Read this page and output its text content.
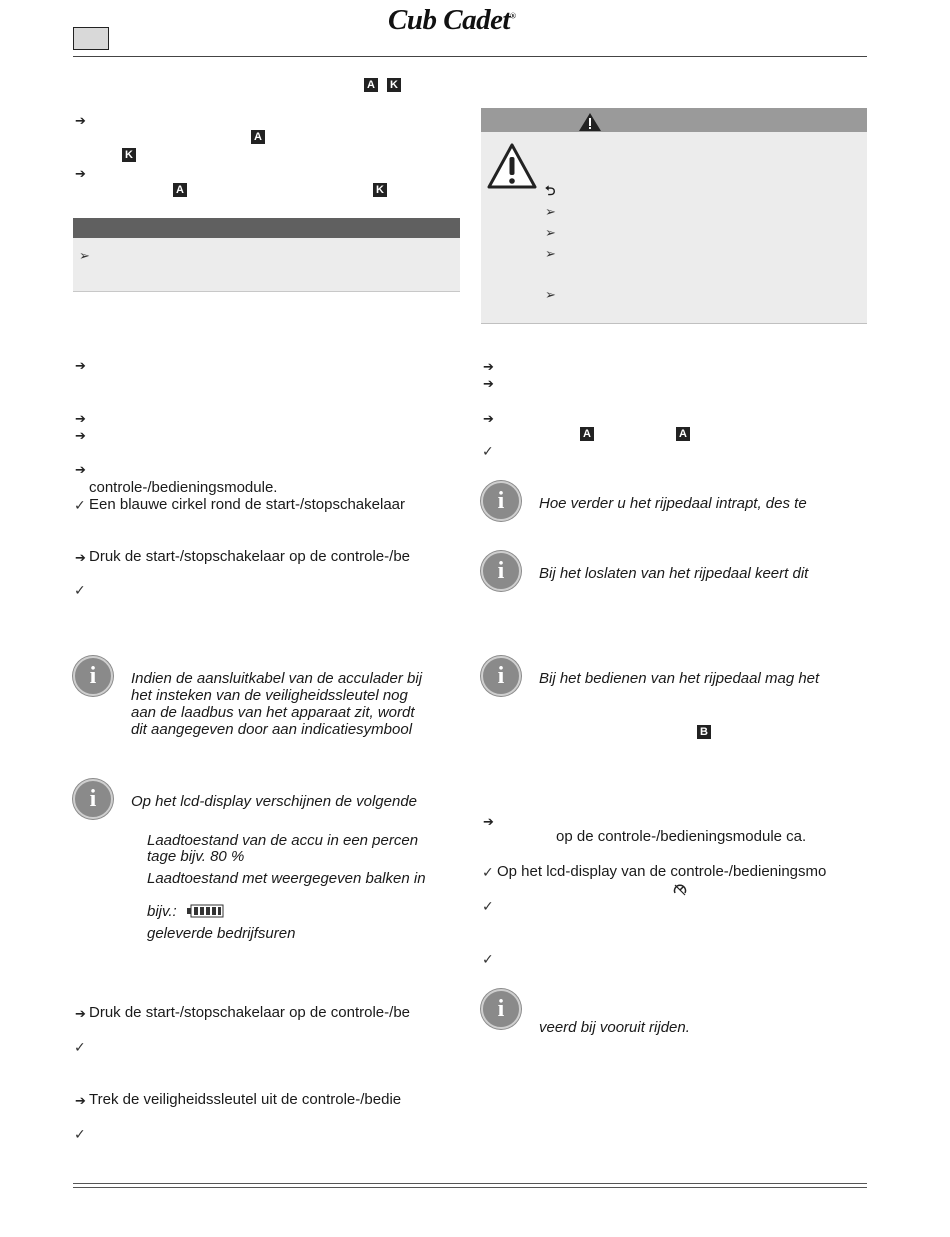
Cub Cadet®
A K
➔
A
K
➔
A	K
➢
➔
➔
➔
➔
controle-/bedieningsmodule.
✓ Een blauwe cirkel rond de start-/stopschakelaar
➔ Druk de start-/stopschakelaar op de controle-/be
✓
i	Indien de aansluitkabel van de acculader bij
het insteken van de veiligheidssleutel nog
aan de laadbus van het apparaat zit, wordt
dit aangegeven door aan indicatiesymbool
i	Op het lcd-display verschijnen de volgende
Laadtoestand van de accu in een percen
tage bijv. 80 %
Laadtoestand met weergegeven balken in
bijv.:
geleverde bedrijfsuren
➔ Druk de start-/stopschakelaar op de controle-/be
✓
➔ Trek de veiligheidssleutel uit de controle-/bedie
✓
⮌
➢
➢
➢
➢
➔
➔
➔
A	A
✓
i	Hoe verder u het rijpedaal intrapt, des te
i	Bij het loslaten van het rijpedaal keert dit
i	Bij het bedienen van het rijpedaal mag het
B
➔
op de controle-/bedieningsmodule ca.
✓ Op het lcd-display van de controle-/bedieningsmo
✓
✓
i
veerd bij vooruit rijden.
